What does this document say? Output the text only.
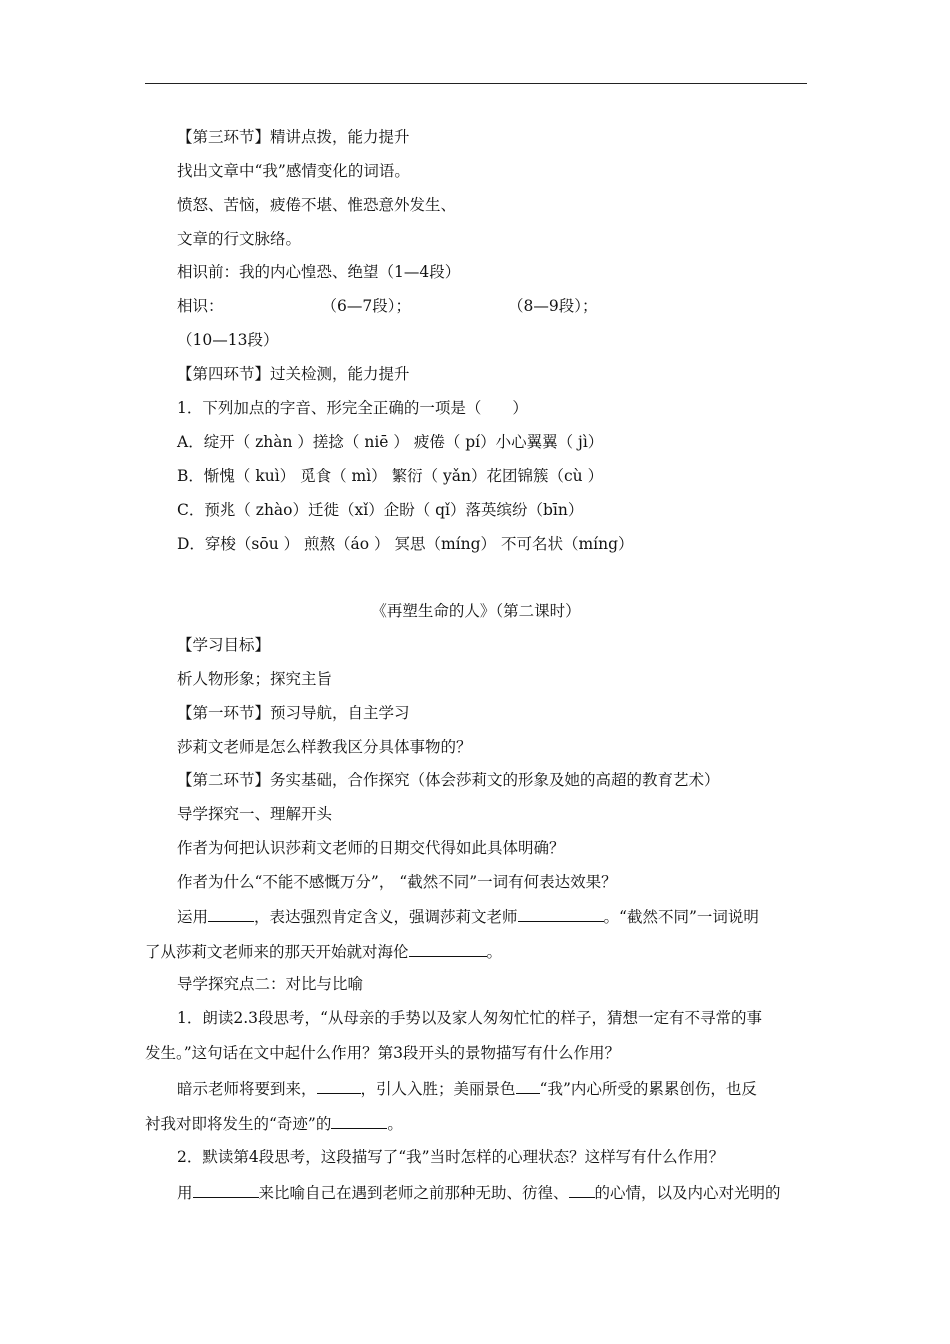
【第三环节】精讲点拨，能力提升
找出文章中“我”感情变化的词语。
愤怒、苦恼，疲倦不堪、惟恐意外发生、
文章的行文脉络。
相识前：我的内心惶恐、绝望（1—4段）
相识：	（6—7段）；	（8—9段）；
（10—13段）
【第四环节】过关检测，能力提升
1．下列加点的字音、形完全正确的一项是（　　）
A．绽开（ zhàn ）搓捻（ niē ） 疲倦（ pí）小心翼翼（ jì）
B．惭愧（ kuì） 觅食（ mì） 繁衍（ yǎn）花团锦簇（cù ）
C．预兆（ zhào）迁徙（xǐ）企盼（ qǐ）落英缤纷（bīn）
D．穿梭（sōu ） 煎熬（áo ） 冥思（míng） 不可名状（míng）
《再塑生命的人》（第二课时）
【学习目标】
析人物形象；探究主旨
【第一环节】预习导航，自主学习
莎莉文老师是怎么样教我区分具体事物的？
【第二环节】务实基础，合作探究（体会莎莉文的形象及她的高超的教育艺术）
导学探究一、理解开头
作者为何把认识莎莉文老师的日期交代得如此具体明确？
作者为什么“不能不感慨万分”， “截然不同”一词有何表达效果？
运用	，表达强烈肯定含义，强调莎莉文老师	。“截然不同”一词说明
了从莎莉文老师来的那天开始就对海伦	。
导学探究点二：对比与比喻
1．朗读2.3段思考，“从母亲的手势以及家人匆匆忙忙的样子，猜想一定有不寻常的事
发生。”这句话在文中起什么作用？第3段开头的景物描写有什么作用？
暗示老师将要到来，	，引人入胜；美丽景色 “我”内心所受的累累创伤，也反
衬我对即将发生的“奇迹”的	。
2．默读第4段思考，这段描写了“我”当时怎样的心理状态？这样写有什么作用？
用	来比喻自己在遇到老师之前那种无助、彷徨、 的心情，以及内心对光明的
